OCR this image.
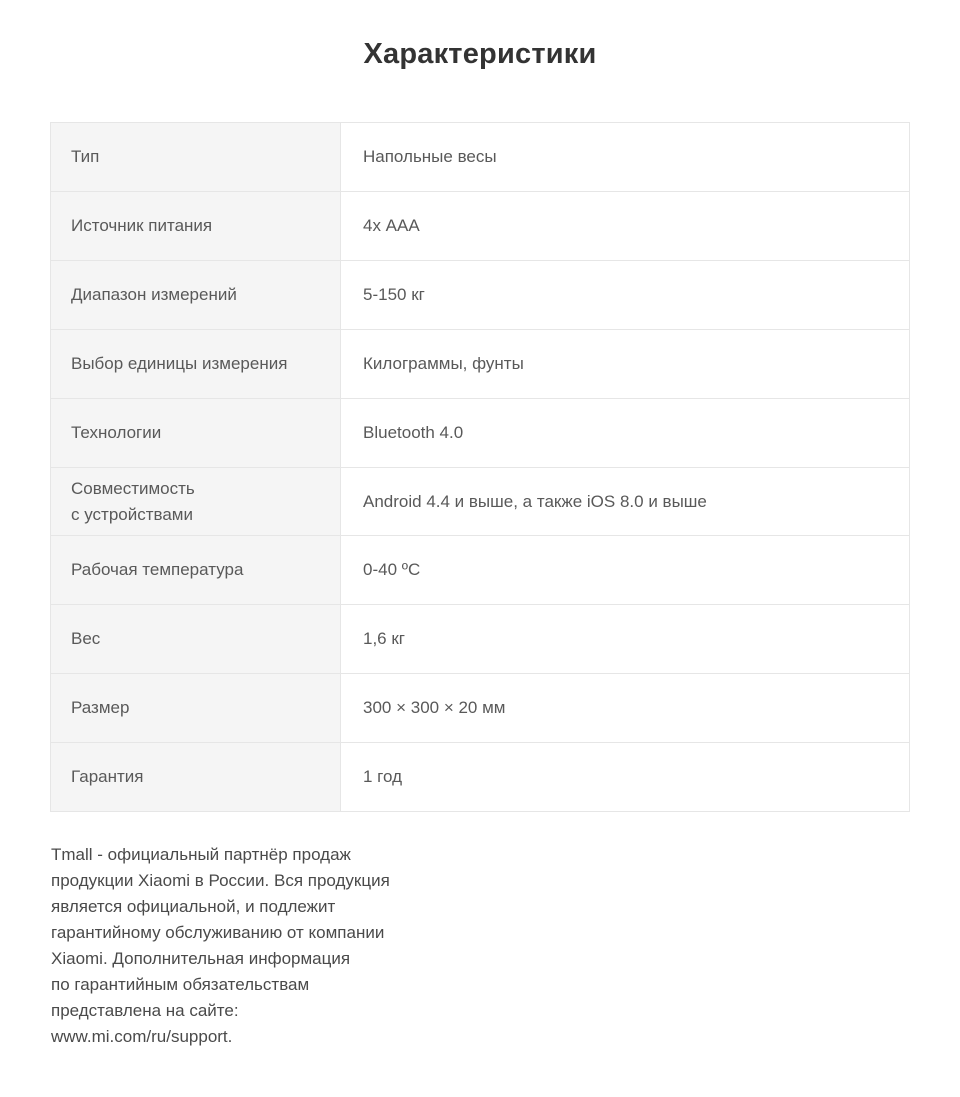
Характеристики
Тип	Напольные весы
Источник питания	4х ААА
Диапазон измерений	5-150 кг
Выбор единицы измерения	Килограммы, фунты
Технологии	Bluetooth 4.0

Совместимость
с устройствами	Android 4.4 и выше, а также iOS 8.0 и выше
Рабочая температура	0-40 ºC
Вес	1,6 кг
Размер	300 × 300 × 20 мм
Гарантия	1 год
Tmall - официальный партнёр продаж
продукции Xiaomi в России. Вся продукция
является официальной, и подлежит
гарантийному обслуживанию от компании
Xiaomi. Дополнительная информация
по гарантийным обязательствам
представлена на сайте:
www.mi.com/ru/support.
